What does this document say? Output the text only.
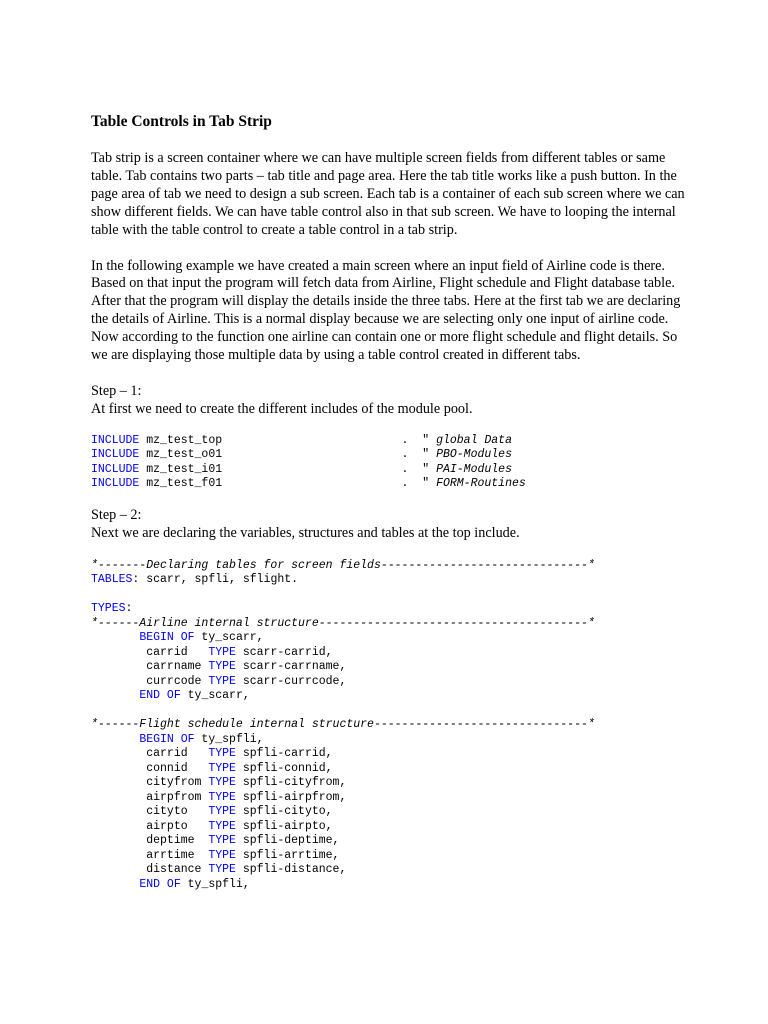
Table Controls in Tab Strip

Tab strip is a screen container where we can have multiple screen fields from different tables or same table. Tab contains two parts – tab title and page area. Here the tab title works like a push button. In the page area of tab we need to design a sub screen. Each tab is a container of each sub screen where we can show different fields. We can have table control also in that sub screen. We have to looping the internal table with the table control to create a table control in a tab strip.

In the following example we have created a main screen where an input field of Airline code is there. Based on that input the program will fetch data from Airline, Flight schedule and Flight database table. After that the program will display the details inside the three tabs. Here at the first tab we are declaring the details of Airline. This is a normal display because we are selecting only one input of airline code. Now according to the function one airline can contain one or more flight schedule and flight details. So we are displaying those multiple data by using a table control created in different tabs.

Step – 1:

At first we need to create the different includes of the module pool.

INCLUDE mz_test_top                          .  " global Data
INCLUDE mz_test_o01                          .  " PBO-Modules
INCLUDE mz_test_i01                          .  " PAI-Modules
INCLUDE mz_test_f01                          .  " FORM-Routines

Step – 2:

Next we are declaring the variables, structures and tables at the top include.

*-------Declaring tables for screen fields------------------------------*
TABLES: scarr, spfli, sflight.

TYPES:
*------Airline internal structure---------------------------------------*
BEGIN OF ty_scarr,
carrid   TYPE scarr-carrid,
carrname TYPE scarr-carrname,
currcode TYPE scarr-currcode,
END OF ty_scarr,

*------Flight schedule internal structure-------------------------------*
BEGIN OF ty_spfli,
carrid   TYPE spfli-carrid,
connid   TYPE spfli-connid,
cityfrom TYPE spfli-cityfrom,
airpfrom TYPE spfli-airpfrom,
cityto   TYPE spfli-cityto,
airpto   TYPE spfli-airpto,
deptime  TYPE spfli-deptime,
arrtime  TYPE spfli-arrtime,
distance TYPE spfli-distance,
END OF ty_spfli,
